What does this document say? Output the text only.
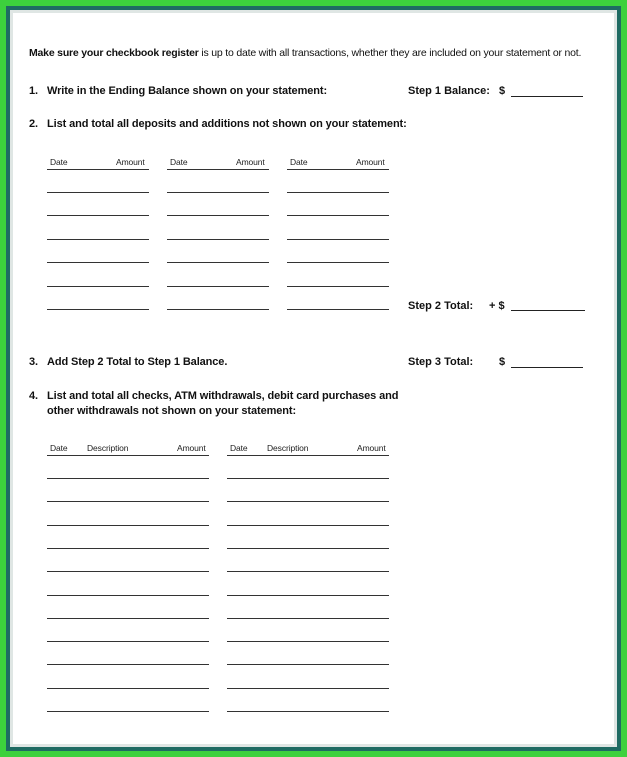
Make sure your checkbook register is up to date with all transactions, whether they are included on your statement or not.
1. Write in the Ending Balance shown on your statement:	Step 1 Balance: $
2. List and total all deposits and additions not shown on your statement:
Date	Amount	Date	Amount	Date	Amount
Step 2 Total: + $
3. Add Step 2 Total to Step 1 Balance.	Step 3 Total: $
4. List and total all checks, ATM withdrawals, debit card purchases and
other withdrawals not shown on your statement:
Date Description	Amount	Date Description	Amount
